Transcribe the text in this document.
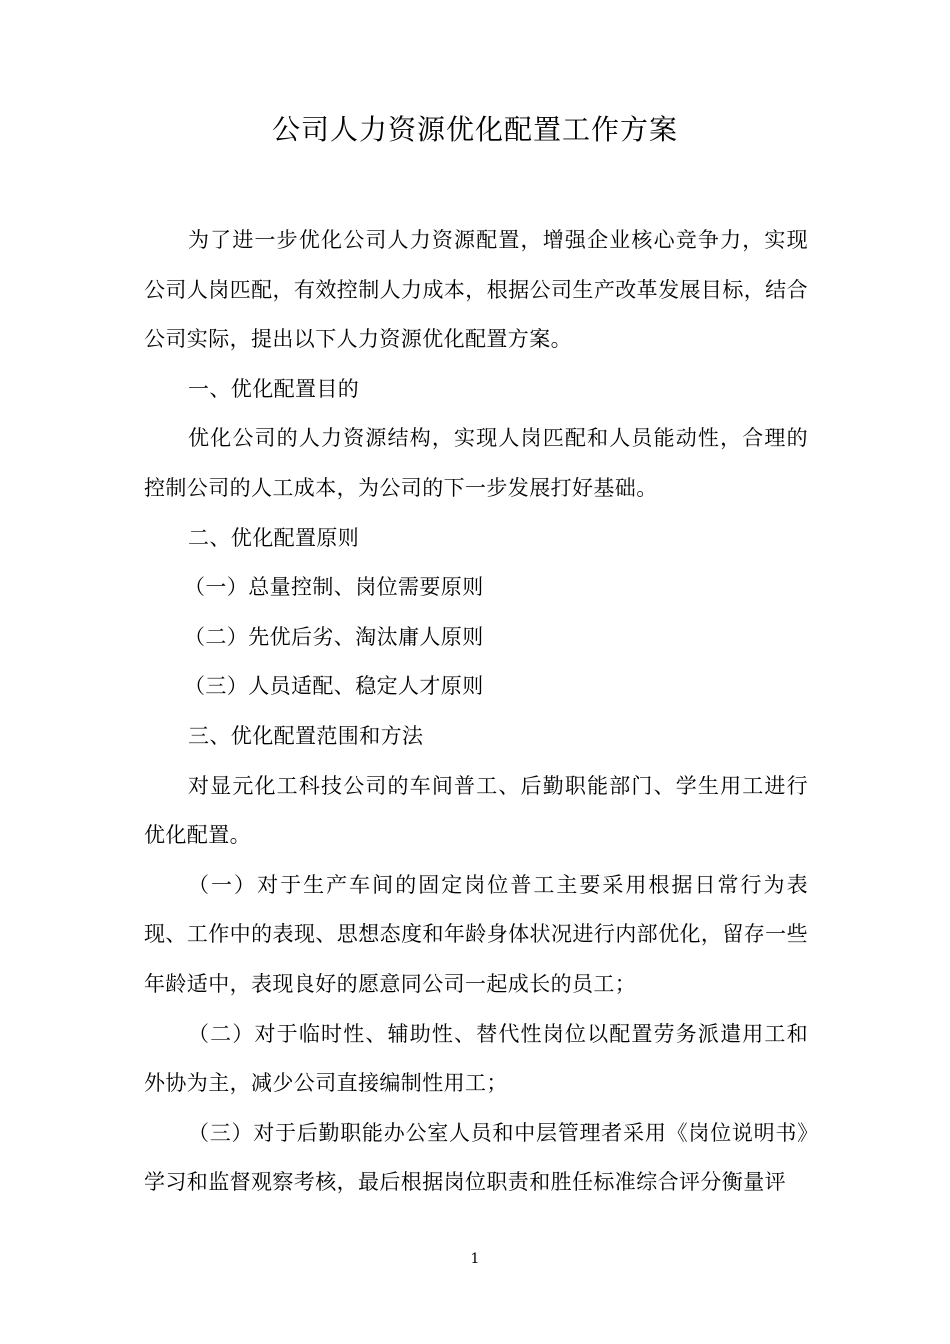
公司人力资源优化配置工作方案

为了进一步优化公司人力资源配置，增强企业核心竞争力，实现公司人岗匹配，有效控制人力成本，根据公司生产改革发展目标，结合公司实际，提出以下人力资源优化配置方案。

一、优化配置目的

优化公司的人力资源结构，实现人岗匹配和人员能动性，合理的控制公司的人工成本，为公司的下一步发展打好基础。

二、优化配置原则

（一）总量控制、岗位需要原则

（二）先优后劣、淘汰庸人原则

（三）人员适配、稳定人才原则

三、优化配置范围和方法

对显元化工科技公司的车间普工、后勤职能部门、学生用工进行优化配置。

（一）对于生产车间的固定岗位普工主要采用根据日常行为表现、工作中的表现、思想态度和年龄身体状况进行内部优化，留存一些年龄适中，表现良好的愿意同公司一起成长的员工；

（二）对于临时性、辅助性、替代性岗位以配置劳务派遣用工和外协为主，减少公司直接编制性用工；

（三）对于后勤职能办公室人员和中层管理者采用《岗位说明书》学习和监督观察考核，最后根据岗位职责和胜任标准综合评分衡量评

1
